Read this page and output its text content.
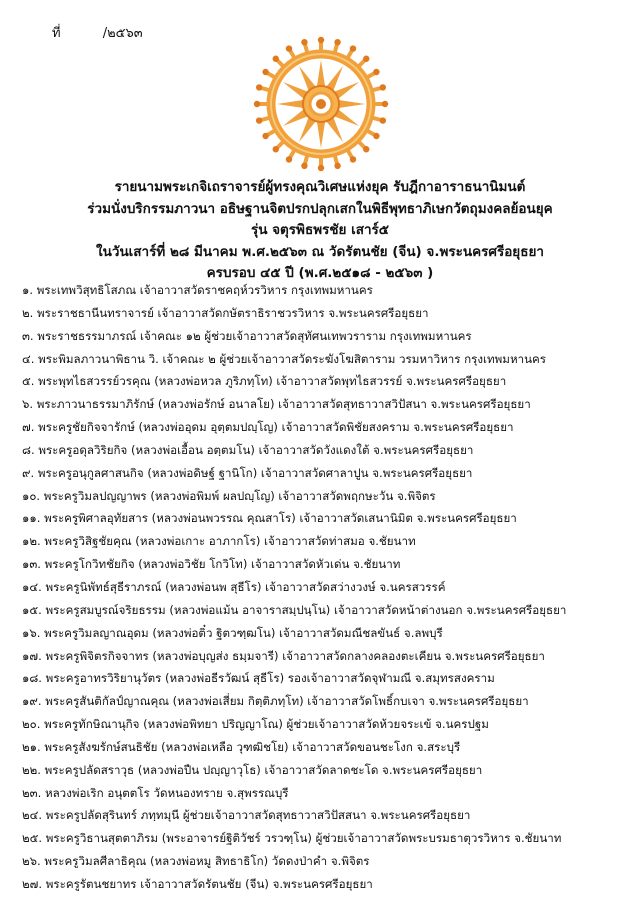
ที่	/๒๕๖๓
รายนามพระเกจิเถราจารย์ผู้ทรงคุณวิเศษแห่งยุค รับฎีกาอาราธนานิมนต์
ร่วมนั่งบริกรรมภาวนา อธิษฐานจิตปรกปลุกเสกในพิธีพุทธาภิเษกวัตถุมงคลย้อนยุค
รุ่น จตุรพิธพรชัย เสาร์๕
ในวันเสาร์ที่ ๒๘ มีนาคม พ.ศ.๒๕๖๓ ณ วัดรัตนชัย (จีน) จ.พระนครศรีอยุธยา
ครบรอบ ๔๕ ปี (พ.ศ.๒๕๑๘ - ๒๕๖๓ )
๑. พระเทพวิสุทธิโสภณ เจ้าอาวาสวัดราชคฤห์วรวิหาร กรุงเทพมหานคร
๒. พระราชธานีนทราจารย์ เจ้าอาวาสวัดกษัตราธิราชวรวิหาร จ.พระนครศรีอยุธยา
๓. พระราชธรรมาภรณ์ เจ้าคณะ ๑๒ ผู้ช่วยเจ้าอาวาสวัดสุทัศนเทพวราราม กรุงเทพมหานคร
๔. พระพิมลภาวนาพิธาน วิ. เจ้าคณะ ๒ ผู้ช่วยเจ้าอาวาสวัดระฆังโฆสิตาราม วรมหาวิหาร กรุงเทพมหานคร
๕. พระพุทไธสวรรย์วรคุณ (หลวงพ่อหวล ภูริภทฺโท) เจ้าอาวาสวัดพุทไธสวรรย์ จ.พระนครศรีอยุธยา
๖. พระภาวนาธรรมาภิรักษ์ (หลวงพ่อรักษ์ อนาลโย) เจ้าอาวาสวัดสุทธาวาสวิปัสนา จ.พระนครศรีอยุธยา
๗. พระครูชัยกิจจารักษ์ (หลวงพ่ออุดม อุตฺตมปญฺโญ) เจ้าอาวาสวัดพิชัยสงคราม จ.พระนครศรีอยุธยา
๘. พระครูอดุลวิริยกิจ (หลวงพ่อเอื้อน อตฺตมโน) เจ้าอาวาสวัดวังแดงใต้ จ.พระนครศรีอยุธยา
๙. พระครูอนุกูลศาสนกิจ (หลวงพ่อดิษฐ์ ฐานิโก) เจ้าอาวาสวัดศาลาปูน จ.พระนครศรีอยุธยา
๑๐. พระครูวิมลปญญาพร (หลวงพ่อพิมพ์ ผลปญฺโญ) เจ้าอาวาสวัดพฤกษะวัน จ.พิจิตร
๑๑. พระครูพิศาลอุทัยสาร (หลวงพ่อนพวรรณ คุณสาโร) เจ้าอาวาสวัดเสนานิมิต จ.พระนครศรีอยุธยา
๑๒. พระครูวิสิฐชัยคุณ (หลวงพ่อเกาะ อาภากโร) เจ้าอาวาสวัดท่าสมอ จ.ชัยนาท
๑๓. พระครูโกวิทชัยกิจ (หลวงพ่อวิชัย โกวิโท) เจ้าอาวาสวัดหัวเด่น จ.ชัยนาท
๑๔. พระครูนิพัทธ์สุธีราภรณ์ (หลวงพ่อนพ สุธีโร) เจ้าอาวาสวัดสว่างวงษ์ จ.นครสวรรค์
๑๕. พระครูสมบูรณ์จริยธรรม (หลวงพ่อแม้น อาจาราสมฺปนฺโน) เจ้าอาวาสวัดหน้าต่างนอก จ.พระนครศรีอยุธยา
๑๖. พระครูวิมลญาณอุดม (หลวงพ่อติ๋ว ฐิตวฑฺฒโน) เจ้าอาวาสวัดมณีชลขันธ์ จ.ลพบุรี
๑๗. พระครูพิจิตรกิจจาทร (หลวงพ่อบุญส่ง ธมฺมจารี) เจ้าอาวาสวัดกลางคลองตะเคียน จ.พระนครศรีอยุธยา
๑๘. พระครูอาทรวิริยานุวัตร (หลวงพ่อธีรวัฒน์ สุธีโร) รองเจ้าอาวาสวัดจุฬามณี จ.สมุทรสงคราม
๑๙. พระครูสันติกัลป์ญาณคุณ (หลวงพ่อเสี่ยม กิตฺติภทฺโท) เจ้าอาวาสวัดโพธิ์กบเจา จ.พระนครศรีอยุธยา
๒๐. พระครูทักษิณานุกิจ (หลวงพ่อพิทยา ปริญญาโณ) ผู้ช่วยเจ้าอาวาสวัดห้วยจระเข้ จ.นครปฐม
๒๑. พระครูสังฆรักษ์สนธิชัย (หลวงพ่อเหลือ วุฑฒิชโย) เจ้าอาวาสวัดขอนชะโงก จ.สระบุรี
๒๒. พระครูปลัดสราวุธ (หลวงพ่อปืน ปญฺญาวุโธ) เจ้าอาวาสวัดลาดชะโด จ.พระนครศรีอยุธยา
๒๓. หลวงพ่อเริก อนุตตโร วัดหนองทราย จ.สุพรรณบุรี
๒๔. พระครูปลัดสุรินทร์ ภทฺทมุนี ผู้ช่วยเจ้าอาวาสวัดสุทธาวาสวิปัสสนา จ.พระนครศรีอยุธยา
๒๕. พระครูวิธานสุตตาภิรม (พระอาจารย์ฐิติวัชร์ วรวฑฺโน) ผู้ช่วยเจ้าอาวาสวัดพระบรมธาตุวรวิหาร จ.ชัยนาท
๒๖. พระครูวิมลศีลาธิคุณ (หลวงพ่อหมู สิทธาธิโก) วัดดงป่าคำ จ.พิจิตร
๒๗. พระครูรัตนชยาทร เจ้าอาวาสวัดรัตนชัย (จีน) จ.พระนครศรีอยุธยา
